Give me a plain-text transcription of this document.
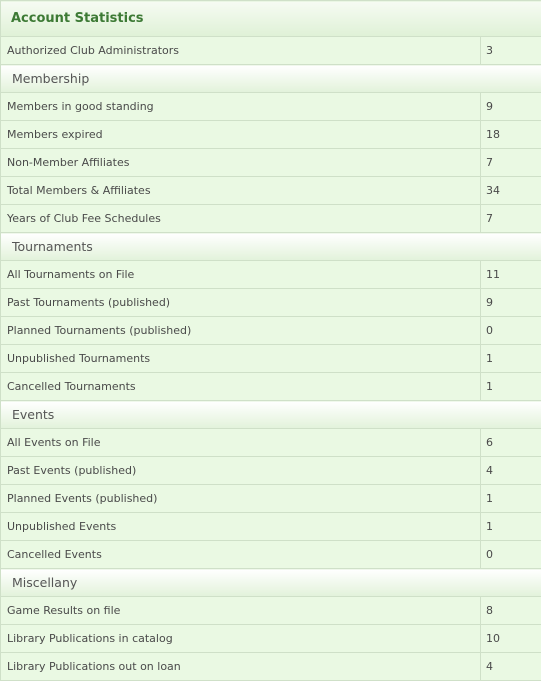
Account Statistics	
Authorized Club Administrators	3
Membership	
Members in good standing	9
Members expired	18
Non-Member Affiliates	7
Total Members & Affiliates	34
Years of Club Fee Schedules	7
Tournaments	
All Tournaments on File	11
Past Tournaments (published)	9
Planned Tournaments (published)	0
Unpublished Tournaments	1
Cancelled Tournaments	1
Events	
All Events on File	6
Past Events (published)	4
Planned Events (published)	1
Unpublished Events	1
Cancelled Events	0
Miscellany	
Game Results on file	8
Library Publications in catalog	10
Library Publications out on loan	4
